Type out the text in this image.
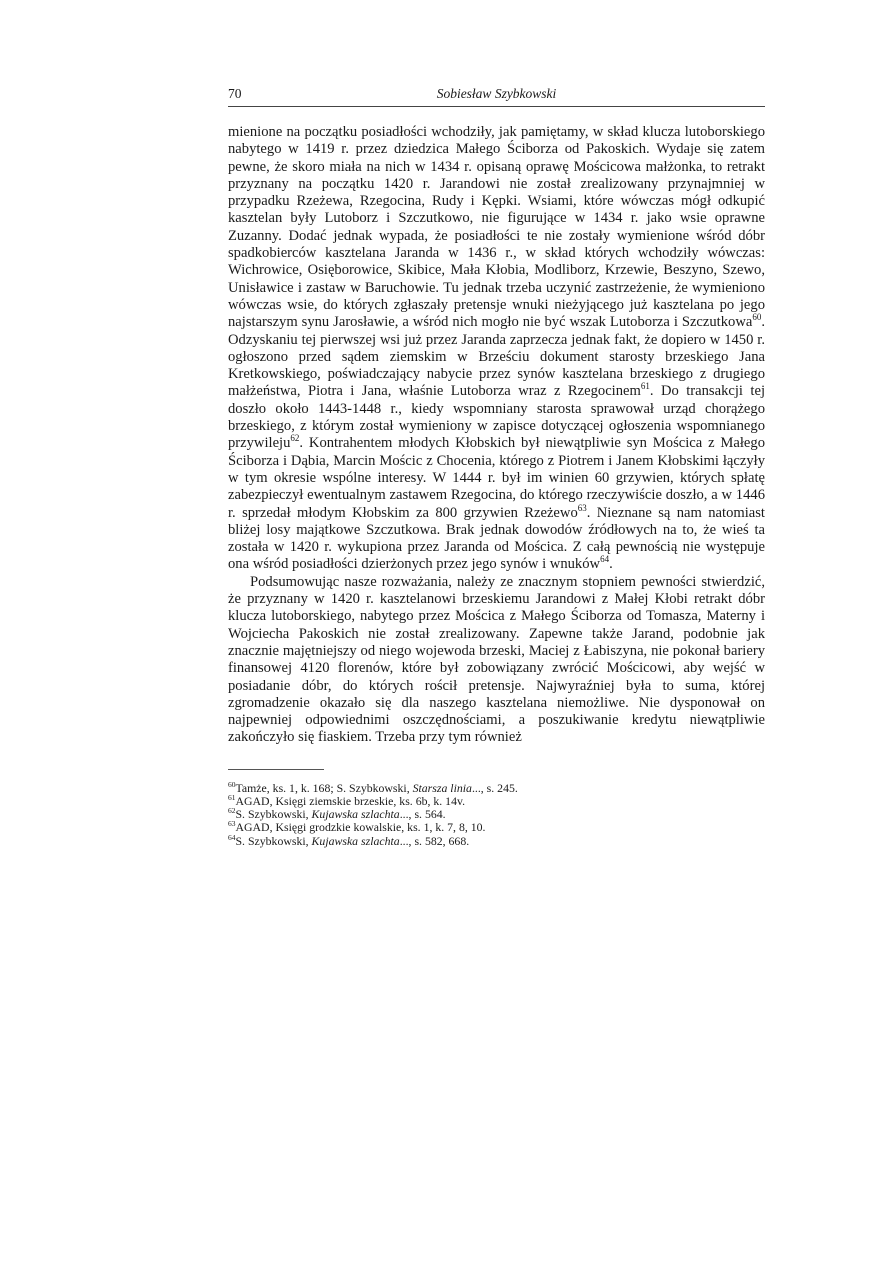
70	Sobiesław Szybkowski

mienione na początku posiadłości wchodziły, jak pamiętamy, w skład klucza lutoborskiego nabytego w 1419 r. przez dziedzica Małego Ściborza od Pakoskich. Wydaje się zatem pewne, że skoro miała na nich w 1434 r. opisaną oprawę Mościcowa małżonka, to retrakt przyznany na początku 1420 r. Jarandowi nie został zrealizowany przynajmniej w przypadku Rzeżewa, Rzegocina, Rudy i Kępki. Wsiami, które wówczas mógł odkupić kasztelan były Lutoborz i Szczutkowo, nie figurujące w 1434 r. jako wsie oprawne Zuzanny. Dodać jednak wypada, że posiadłości te nie zostały wymienione wśród dóbr spadkobierców kasztelana Jaranda w 1436 r., w skład których wchodziły wówczas: Wichrowice, Osięborowice, Skibice, Mała Kłobia, Modliborz, Krzewie, Beszyno, Szewo, Unisławice i zastaw w Baruchowie. Tu jednak trzeba uczynić zastrzeżenie, że wymieniono wówczas wsie, do których zgłaszały pretensje wnuki nieżyjącego już kasztelana po jego najstarszym synu Jarosławie, a wśród nich mogło nie być wszak Lutoborza i Szczutkowa$^{60}$. Odzyskaniu tej pierwszej wsi już przez Jaranda zaprzecza jednak fakt, że dopiero w 1450 r. ogłoszono przed sądem ziemskim w Brześciu dokument starosty brzeskiego Jana Kretkowskiego, poświadczający nabycie przez synów kasztelana brzeskiego z drugiego małżeństwa, Piotra i Jana, właśnie Lutoborza wraz z Rzegocinem$^{61}$. Do transakcji tej doszło około 1443-1448 r., kiedy wspomniany starosta sprawował urząd chorążego brzeskiego, z którym został wymieniony w zapisce dotyczącej ogłoszenia wspomnianego przywileju$^{62}$. Kontrahentem młodych Kłobskich był niewątpliwie syn Mościca z Małego Ściborza i Dąbia, Marcin Mościc z Chocenia, którego z Piotrem i Janem Kłobskimi łączyły w tym okresie wspólne interesy. W 1444 r. był im winien 60 grzywien, których spłatę zabezpieczył ewentualnym zastawem Rzegocina, do którego rzeczywiście doszło, a w 1446 r. sprzedał młodym Kłobskim za 800 grzywien Rzeżewo$^{63}$. Nieznane są nam natomiast bliżej losy majątkowe Szczutkowa. Brak jednak dowodów źródłowych na to, że wieś ta została w 1420 r. wykupiona przez Jaranda od Mościca. Z całą pewnością nie występuje ona wśród posiadłości dzierżonych przez jego synów i wnuków$^{64}$.

Podsumowując nasze rozważania, należy ze znacznym stopniem pewności stwierdzić, że przyznany w 1420 r. kasztelanowi brzeskiemu Jarandowi z Małej Kłobi retrakt dóbr klucza lutoborskiego, nabytego przez Mościca z Małego Ściborza od Tomasza, Materny i Wojciecha Pakoskich nie został zrealizowany. Zapewne także Jarand, podobnie jak znacznie majętniejszy od niego wojewoda brzeski, Maciej z Łabiszyna, nie pokonał bariery finansowej 4120 florenów, które był zobowiązany zwrócić Mościcowi, aby wejść w posiadanie dóbr, do których rościł pretensje. Najwyraźniej była to suma, której zgromadzenie okazało się dla naszego kasztelana niemożliwe. Nie dysponował on najpewniej odpowiednimi oszczędnościami, a poszukiwanie kredytu niewątpliwie zakończyło się fiaskiem. Trzeba przy tym również

$^{60}$Tamże, ks. 1, k. 168; S. Szybkowski, Starsza linia..., s. 245.

$^{61}$AGAD, Księgi ziemskie brzeskie, ks. 6b, k. 14v.

$^{62}$S. Szybkowski, Kujawska szlachta..., s. 564.

$^{63}$AGAD, Księgi grodzkie kowalskie, ks. 1, k. 7, 8, 10.

$^{64}$S. Szybkowski, Kujawska szlachta..., s. 582, 668.
